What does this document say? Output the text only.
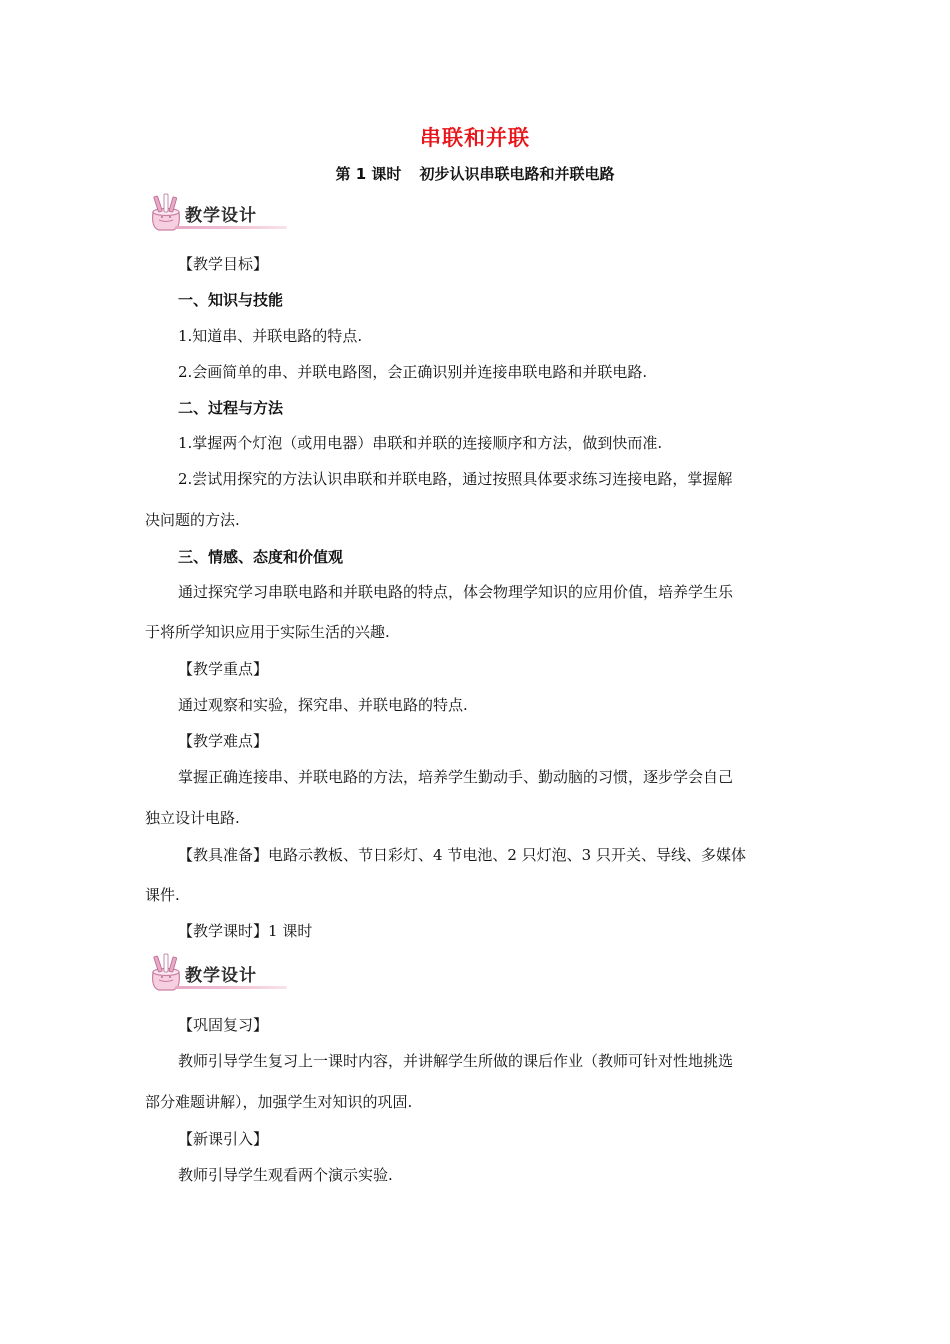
串联和并联
第 1 课时 初步认识串联电路和并联电路
教学设计
【教学目标】
一、知识与技能
1.知道串、并联电路的特点.
2.会画简单的串、并联电路图，会正确识别并连接串联电路和并联电路.
二、过程与方法
1.掌握两个灯泡（或用电器）串联和并联的连接顺序和方法，做到快而准.
2.尝试用探究的方法认识串联和并联电路，通过按照具体要求练习连接电路，掌握解
决问题的方法.
三、情感、态度和价值观
通过探究学习串联电路和并联电路的特点，体会物理学知识的应用价值，培养学生乐
于将所学知识应用于实际生活的兴趣.
【教学重点】
通过观察和实验，探究串、并联电路的特点.
【教学难点】
掌握正确连接串、并联电路的方法，培养学生勤动手、勤动脑的习惯，逐步学会自己
独立设计电路.
【教具准备】电路示教板、节日彩灯、4 节电池、2 只灯泡、3 只开关、导线、多媒体
课件.
【教学课时】1 课时
教学设计
【巩固复习】
教师引导学生复习上一课时内容，并讲解学生所做的课后作业（教师可针对性地挑选
部分难题讲解），加强学生对知识的巩固.
【新课引入】
教师引导学生观看两个演示实验.
